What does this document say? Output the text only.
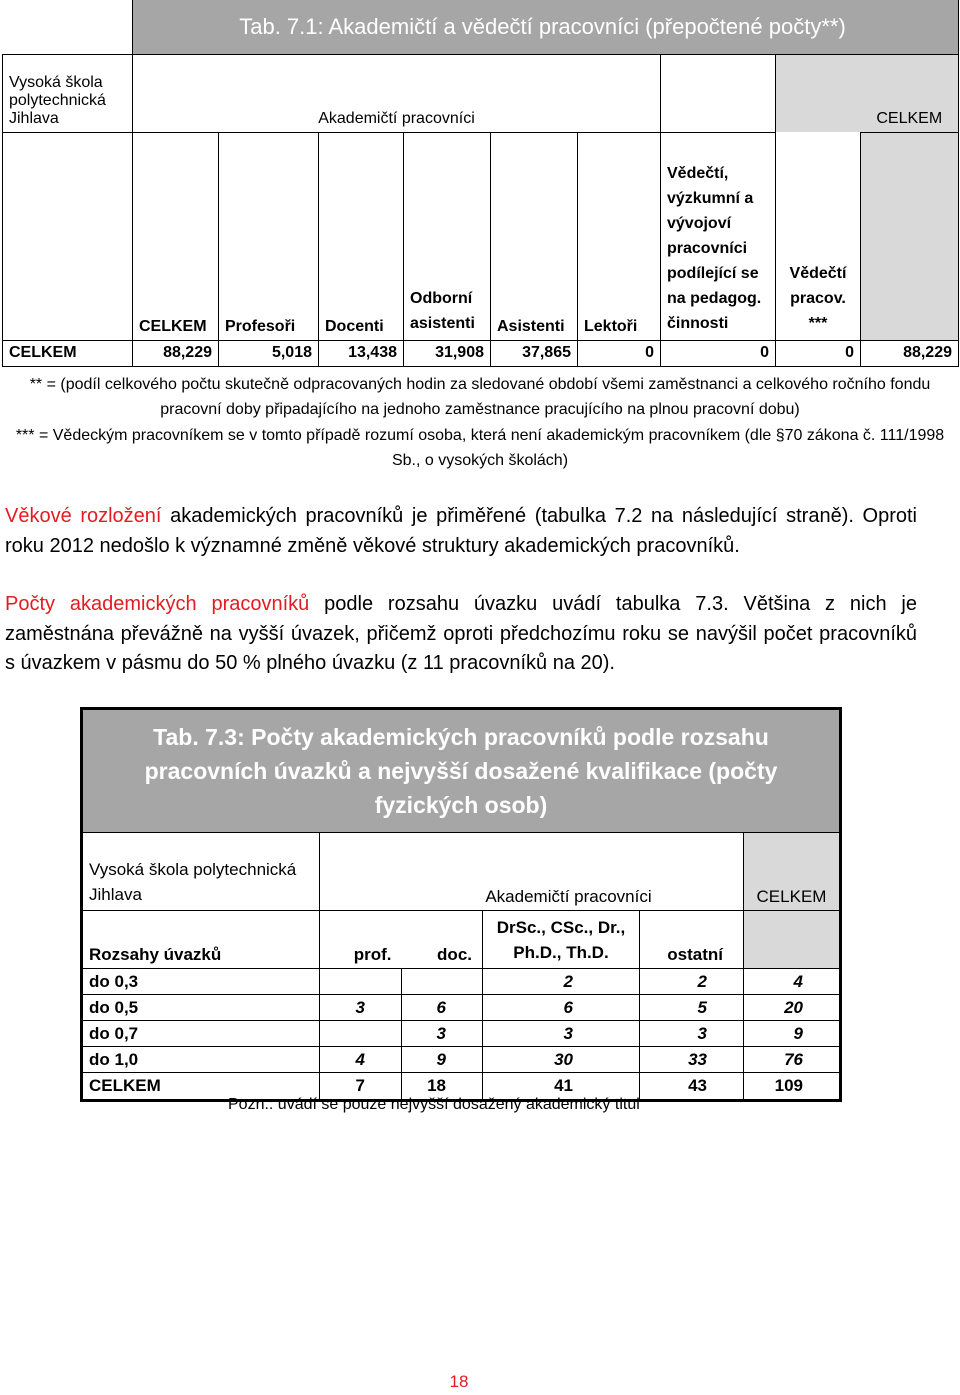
	Tab. 7.1: Akademičtí a vědečtí pracovníci (přepočtené počty**)								
Vysoká škola polytechnická Jihlava	Akademičtí pracovníci								CELKEM
	CELKEM	Profesoři	Docenti	Odborní asistenti	Asistenti	Lektoři	Vědečtí, výzkumní a vývojoví pracovníci podílející se na pedagog. činnosti	Vědečtí pracov. ***	
CELKEM	88,229	5,018	13,438	31,908	37,865	0	0	0	88,229
** = (podíl celkového počtu skutečně odpracovaných hodin za sledované období všemi zaměstnanci a celkového ročního fondu pracovní doby připadajícího na jednoho zaměstnance pracujícího na plnou pracovní dobu)
*** = Vědeckým pracovníkem se v tomto případě rozumí osoba, která není akademickým pracovníkem (dle §70 zákona č. 111/1998 Sb., o vysokých školách)
Věkové rozložení akademických pracovníků je přiměřené (tabulka 7.2 na následující straně). Oproti roku 2012 nedošlo k významné změně věkové struktury akademických pracovníků.
Počty akademických pracovníků podle rozsahu úvazku uvádí tabulka 7.3. Většina z nich je zaměstnána převážně na vyšší úvazek, přičemž oproti předchozímu roku se navýšil počet pracovníků s úvazkem v pásmu do 50 % plného úvazku (z 11 pracovníků na 20).
Tab. 7.3: Počty akademických pracovníků podle rozsahu pracovních úvazků a nejvyšší dosažené kvalifikace (počty fyzických osob)					
Vysoká škola polytechnická Jihlava	Akademičtí pracovníci				CELKEM
Rozsahy úvazků	prof.	doc.	DrSc., CSc., Dr., Ph.D., Th.D.	ostatní	
do 0,3			2	2	4
do 0,5	3	6	6	5	20
do 0,7		3	3	3	9
do 1,0	4	9	30	33	76
CELKEM	7	18	41	43	109
Pozn.: uvádí se pouze nejvyšší dosažený akademický titul
18
